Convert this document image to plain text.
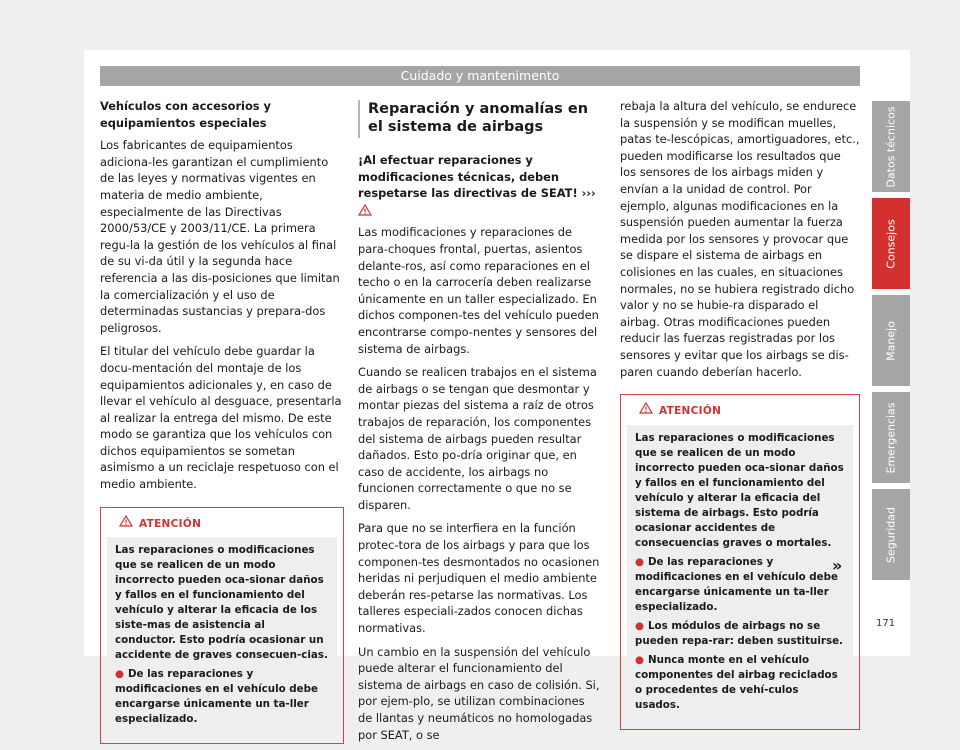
Cuidado y mantenimento
Vehículos con accesorios y equipamientos especiales

Los fabricantes de equipamientos adiciona-les garantizan el cumplimiento de las leyes y normativas vigentes en materia de medio ambiente, especialmente de las Directivas 2000/53/CE y 2003/11/CE. La primera regu-la la gestión de los vehículos al final de su vi-da útil y la segunda hace referencia a las dis-posiciones que limitan la comercialización y el uso de determinadas sustancias y prepara-dos peligrosos.

El titular del vehículo debe guardar la docu-mentación del montaje de los equipamientos adicionales y, en caso de llevar el vehículo al desguace, presentarla al realizar la entrega del mismo. De este modo se garantiza que los vehículos con dichos equipamientos se sometan asimismo a un reciclaje respetuoso con el medio ambiente.

ATENCIÓN

Las reparaciones o modificaciones que se realicen de un modo incorrecto pueden oca-sionar daños y fallos en el funcionamiento del vehículo y alterar la eficacia de los siste-mas de asistencia al conductor. Esto podría ocasionar un accidente de graves consecuen-cias.

● De las reparaciones y modificaciones en el vehículo debe encargarse únicamente un ta-ller especializado.

Reparación y anomalías en el sistema de airbags
¡Al efectuar reparaciones y modificaciones técnicas, deben respetarse las directivas de SEAT! ›››

Las modificaciones y reparaciones de para-choques frontal, puertas, asientos delante-ros, así como reparaciones en el techo o en la carrocería deben realizarse únicamente en un taller especializado. En dichos componen-tes del vehículo pueden encontrarse compo-nentes y sensores del sistema de airbags.

Cuando se realicen trabajos en el sistema de airbags o se tengan que desmontar y montar piezas del sistema a raíz de otros trabajos de reparación, los componentes del sistema de airbags pueden resultar dañados. Esto po-dría originar que, en caso de accidente, los airbags no funcionen correctamente o que no se disparen.

Para que no se interfiera en la función protec-tora de los airbags y para que los componen-tes desmontados no ocasionen heridas ni perjudiquen el medio ambiente deberán res-petarse las normativas. Los talleres especiali-zados conocen dichas normativas.

Un cambio en la suspensión del vehículo puede alterar el funcionamiento del sistema de airbags en caso de colisión. Si, por ejem-plo, se utilizan combinaciones de llantas y neumáticos no homologadas por SEAT, o se

rebaja la altura del vehículo, se endurece la suspensión y se modifican muelles, patas te-lescópicas, amortiguadores, etc., pueden modificarse los resultados que los sensores de los airbags miden y envían a la unidad de control. Por ejemplo, algunas modificaciones en la suspensión pueden aumentar la fuerza medida por los sensores y provocar que se dispare el sistema de airbags en colisiones en las cuales, en situaciones normales, no se hubiera registrado dicho valor y no se hubie-ra disparado el airbag. Otras modificaciones pueden reducir las fuerzas registradas por los sensores y evitar que los airbags se dis-paren cuando deberían hacerlo.

ATENCIÓN

Las reparaciones o modificaciones que se realicen de un modo incorrecto pueden oca-sionar daños y fallos en el funcionamiento del vehículo y alterar la eficacia del sistema de airbags. Esto podría ocasionar accidentes de consecuencias graves o mortales.

● De las reparaciones y modificaciones en el vehículo debe encargarse únicamente un ta-ller especializado.

● Los módulos de airbags no se pueden repa-rar: deben sustituirse.

● Nunca monte en el vehículo componentes del airbag reciclados o procedentes de vehí-culos usados.

»
Datos técnicos
Consejos
Manejo
Emergencias
Seguridad
171
